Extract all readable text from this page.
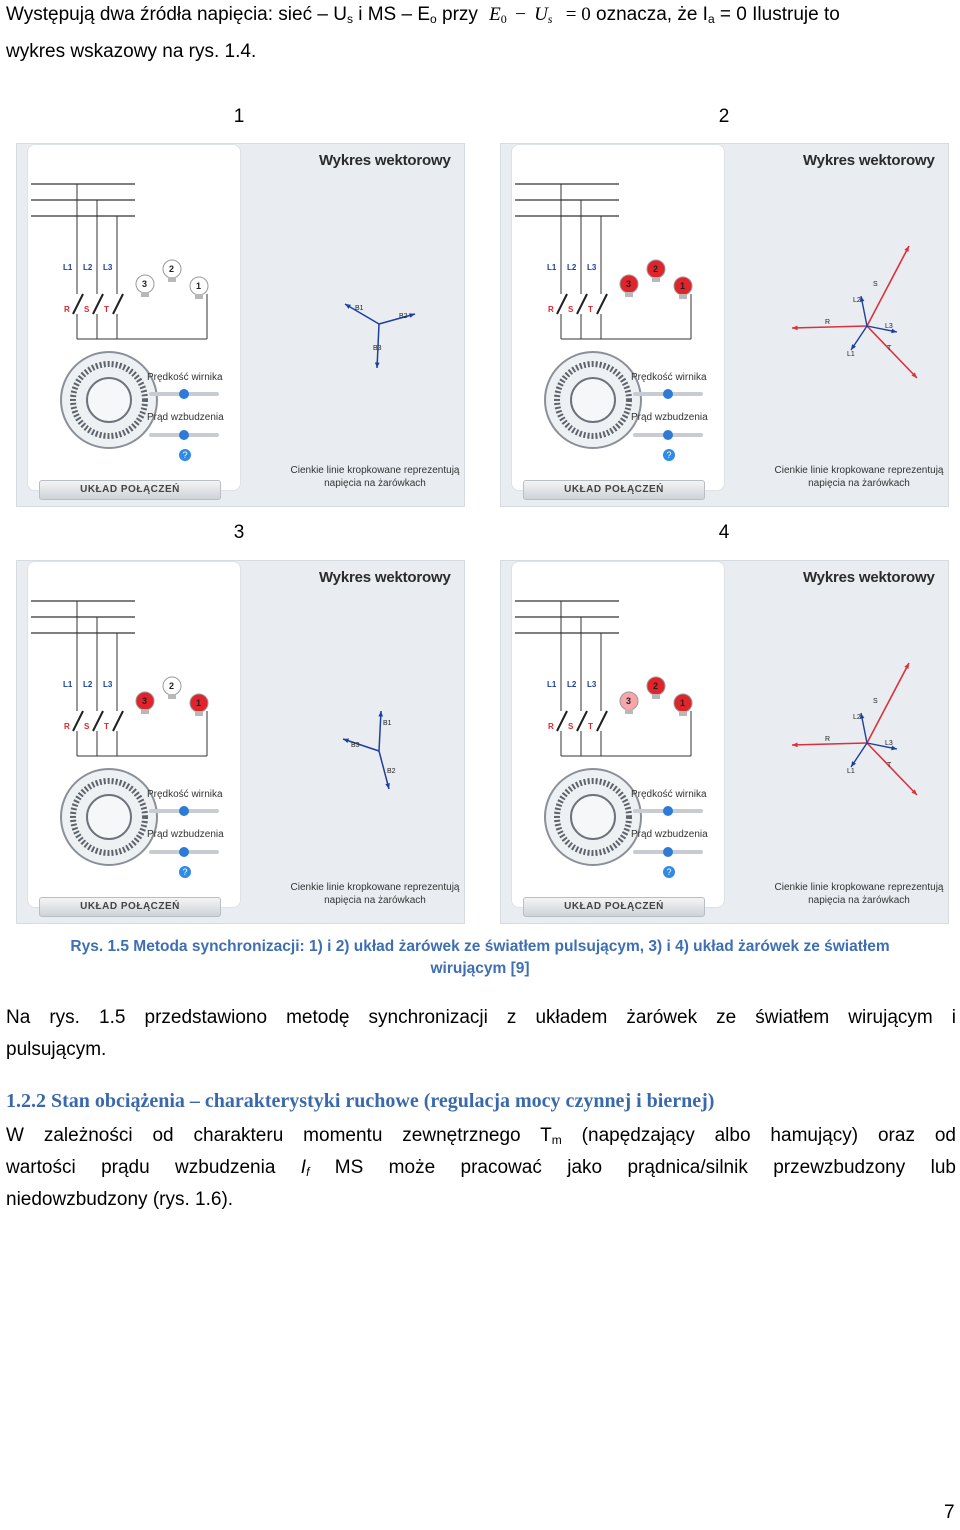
Występują dwa źródła napięcia: sieć – $U_s$ i MS – $E_o$ przy $E_0 - U_s = 0$ oznacza, że $I_a = 0$ Ilustruje to
wykres wskazowy na rys. 1.4.
1	2
3	4
Wykres wektorowy
L1 L2 L3
R S T
3
2
1
B1
B2
B3
Prędkość wirnika
Prąd wzbudzenia
?
UKŁAD POŁĄCZEŃ
Cienkie linie kropkowane reprezentują
napięcia na żarówkach
Wykres wektorowy
L1 L2 L3
R S T
3
2
1
L1
L2
L3
R
S
T
Prędkość wirnika
Prąd wzbudzenia
?
UKŁAD POŁĄCZEŃ
Cienkie linie kropkowane reprezentują
napięcia na żarówkach
Wykres wektorowy
L1 L2 L3
R S T
3
2
1
B1
B3
B2
Prędkość wirnika
Prąd wzbudzenia
?
UKŁAD POŁĄCZEŃ
Cienkie linie kropkowane reprezentują
napięcia na żarówkach
Wykres wektorowy
L1 L2 L3
R S T
3
2
1
L1
L2
L3
R
S
T
Prędkość wirnika
Prąd wzbudzenia
?
UKŁAD POŁĄCZEŃ
Cienkie linie kropkowane reprezentują
napięcia na żarówkach
Rys. 1.5 Metoda synchronizacji: 1) i 2) układ żarówek ze światłem pulsującym, 3) i 4) układ żarówek ze światłem
wirującym [9]
Na rys. 1.5 przedstawiono metodę synchronizacji z układem żarówek ze światłem wirującym i
pulsującym.
1.2.2 Stan obciążenia – charakterystyki ruchowe (regulacja mocy czynnej i biernej)
W zależności od charakteru momentu zewnętrznego $T_m$ (napędzający albo hamujący) oraz od
wartości prądu wzbudzenia $I_f$ MS może pracować jako prądnica/silnik przewzbudzony lub
niedowzbudzony (rys. 1.6).
7
